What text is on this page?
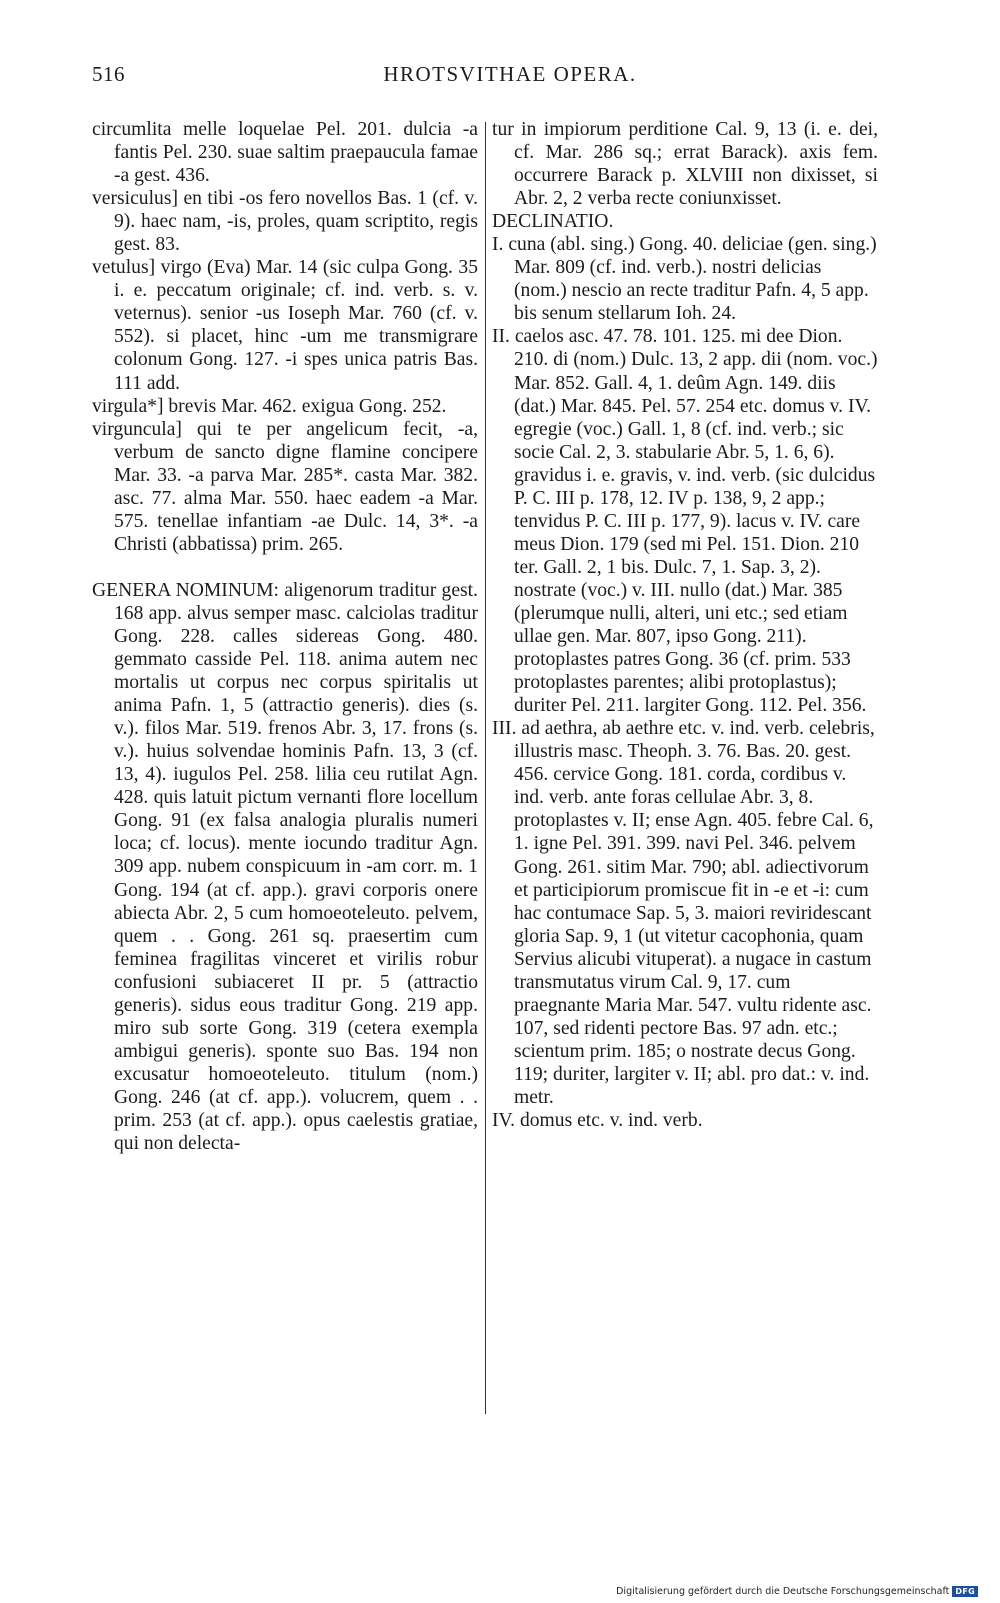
516	HROTSVITHAE OPERA.

circumlita melle loquelae Pel. 201. dulcia -a fantis Pel. 230. suae saltim praepaucula famae -a gest. 436.

versiculus] en tibi -os fero novellos Bas. 1 (cf. v. 9). haec nam, -is, proles, quam scriptito, regis gest. 83.

vetulus] virgo (Eva) Mar. 14 (sic culpa Gong. 35 i. e. peccatum originale; cf. ind. verb. s. v. veternus). senior -us Ioseph Mar. 760 (cf. v. 552). si placet, hinc -um me transmigrare colonum Gong. 127. -i spes unica patris Bas. 111 add.

virgula*] brevis Mar. 462. exigua Gong. 252.

virguncula] qui te per angelicum fecit, -a, verbum de sancto digne flamine concipere Mar. 33. -a parva Mar. 285*. casta Mar. 382. asc. 77. alma Mar. 550. haec eadem -a Mar. 575. tenellae infantiam -ae Dulc. 14, 3*. -a Christi (abbatissa) prim. 265.

GENERA NOMINUM: aligenorum traditur gest. 168 app. alvus semper masc. calciolas traditur Gong. 228. calles sidereas Gong. 480. gemmato casside Pel. 118. anima autem nec mortalis ut corpus nec corpus spiritalis ut anima Pafn. 1, 5 (attractio generis). dies (s. v.). filos Mar. 519. frenos Abr. 3, 17. frons (s. v.). huius solvendae hominis Pafn. 13, 3 (cf. 13, 4). iugulos Pel. 258. lilia ceu rutilat Agn. 428. quis latuit pictum vernanti flore locellum Gong. 91 (ex falsa analogia pluralis numeri loca; cf. locus). mente iocundo traditur Agn. 309 app. nubem conspicuum in -am corr. m. 1 Gong. 194 (at cf. app.). gravi corporis onere abiecta Abr. 2, 5 cum homoeoteleuto. pelvem, quem . . Gong. 261 sq. praesertim cum feminea fragilitas vinceret et virilis robur confusioni subiaceret II pr. 5 (attractio generis). sidus eous traditur Gong. 219 app. miro sub sorte Gong. 319 (cetera exempla ambigui generis). sponte suo Bas. 194 non excusatur homoeoteleuto. titulum (nom.) Gong. 246 (at cf. app.). volucrem, quem . . prim. 253 (at cf. app.). opus caelestis gratiae, qui non delecta-

tur in impiorum perditione Cal. 9, 13 (i. e. dei, cf. Mar. 286 sq.; errat Barack). axis fem. occurrere Barack p. XLVIII non dixisset, si Abr. 2, 2 verba recte coniunxisset.

DECLINATIO.

I. cuna (abl. sing.) Gong. 40. deliciae (gen. sing.) Mar. 809 (cf. ind. verb.). nostri delicias (nom.) nescio an recte traditur Pafn. 4, 5 app. bis senum stellarum Ioh. 24.

II. caelos asc. 47. 78. 101. 125. mi dee Dion. 210. di (nom.) Dulc. 13, 2 app. dii (nom. voc.) Mar. 852. Gall. 4, 1. deûm Agn. 149. diis (dat.) Mar. 845. Pel. 57. 254 etc. domus v. IV. egregie (voc.) Gall. 1, 8 (cf. ind. verb.; sic socie Cal. 2, 3. stabularie Abr. 5, 1. 6, 6). gravidus i. e. gravis, v. ind. verb. (sic dulcidus P. C. III p. 178, 12. IV p. 138, 9, 2 app.; tenvidus P. C. III p. 177, 9). lacus v. IV. care meus Dion. 179 (sed mi Pel. 151. Dion. 210 ter. Gall. 2, 1 bis. Dulc. 7, 1. Sap. 3, 2). nostrate (voc.) v. III. nullo (dat.) Mar. 385 (plerumque nulli, alteri, uni etc.; sed etiam ullae gen. Mar. 807, ipso Gong. 211). protoplastes patres Gong. 36 (cf. prim. 533 protoplastes parentes; alibi protoplastus); duriter Pel. 211. largiter Gong. 112. Pel. 356.

III. ad aethra, ab aethre etc. v. ind. verb. celebris, illustris masc. Theoph. 3. 76. Bas. 20. gest. 456. cervice Gong. 181. corda, cordibus v. ind. verb. ante foras cellulae Abr. 3, 8. protoplastes v. II; ense Agn. 405. febre Cal. 6, 1. igne Pel. 391. 399. navi Pel. 346. pelvem Gong. 261. sitim Mar. 790; abl. adiectivorum et participiorum promiscue fit in -e et -i: cum hac contumace Sap. 5, 3. maiori reviridescant gloria Sap. 9, 1 (ut vitetur cacophonia, quam Servius alicubi vituperat). a nugace in castum transmutatus virum Cal. 9, 17. cum praegnante Maria Mar. 547. vultu ridente asc. 107, sed ridenti pectore Bas. 97 adn. etc.; scientum prim. 185; o nostrate decus Gong. 119; duriter, largiter v. II; abl. pro dat.: v. ind. metr.

IV. domus etc. v. ind. verb.

Digitalisierung gefördert durch die Deutsche Forschungsgemeinschaft DFG
